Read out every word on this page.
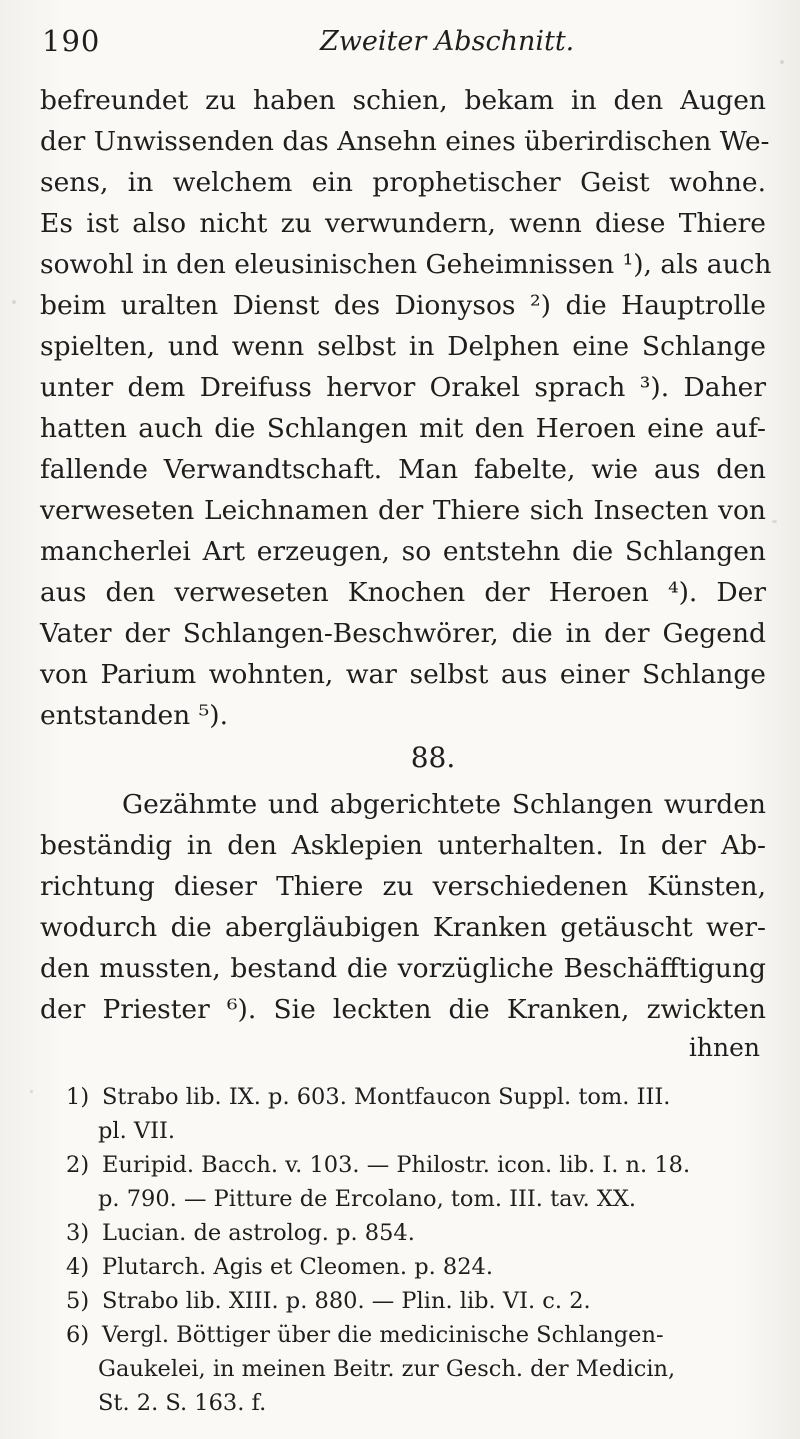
190	Zweiter Abschnitt.
befreundet zu haben schien, bekam in den Augen
der Unwissenden das Ansehn eines überirdischen We-
sens, in welchem ein prophetischer Geist wohne.
Es ist also nicht zu verwundern, wenn diese Thiere
sowohl in den eleusinischen Geheimnissen ¹), als auch
beim uralten Dienst des Dionysos ²) die Hauptrolle
spielten, und wenn selbst in Delphen eine Schlange
unter dem Dreifuss hervor Orakel sprach ³). Daher
hatten auch die Schlangen mit den Heroen eine auf-
fallende Verwandtschaft. Man fabelte, wie aus den
verweseten Leichnamen der Thiere sich Insecten von
mancherlei Art erzeugen, so entstehn die Schlangen
aus den verweseten Knochen der Heroen ⁴). Der
Vater der Schlangen-Beschwörer, die in der Gegend
von Parium wohnten, war selbst aus einer Schlange
entstanden ⁵).
88.
Gezähmte und abgerichtete Schlangen wurden
beständig in den Asklepien unterhalten. In der Ab-
richtung dieser Thiere zu verschiedenen Künsten,
wodurch die abergläubigen Kranken getäuscht wer-
den mussten, bestand die vorzügliche Beschäfftigung
der Priester ⁶). Sie leckten die Kranken, zwickten
ihnen
1) Strabo lib. IX. p. 603. Montfaucon Suppl. tom. III.
pl. VII.
2) Euripid. Bacch. v. 103. — Philostr. icon. lib. I. n. 18.
p. 790. — Pitture de Ercolano, tom. III. tav. XX.
3) Lucian. de astrolog. p. 854.
4) Plutarch. Agis et Cleomen. p. 824.
5) Strabo lib. XIII. p. 880. — Plin. lib. VI. c. 2.
6) Vergl. Böttiger über die medicinische Schlangen-
Gaukelei, in meinen Beitr. zur Gesch. der Medicin,
St. 2. S. 163. f.
